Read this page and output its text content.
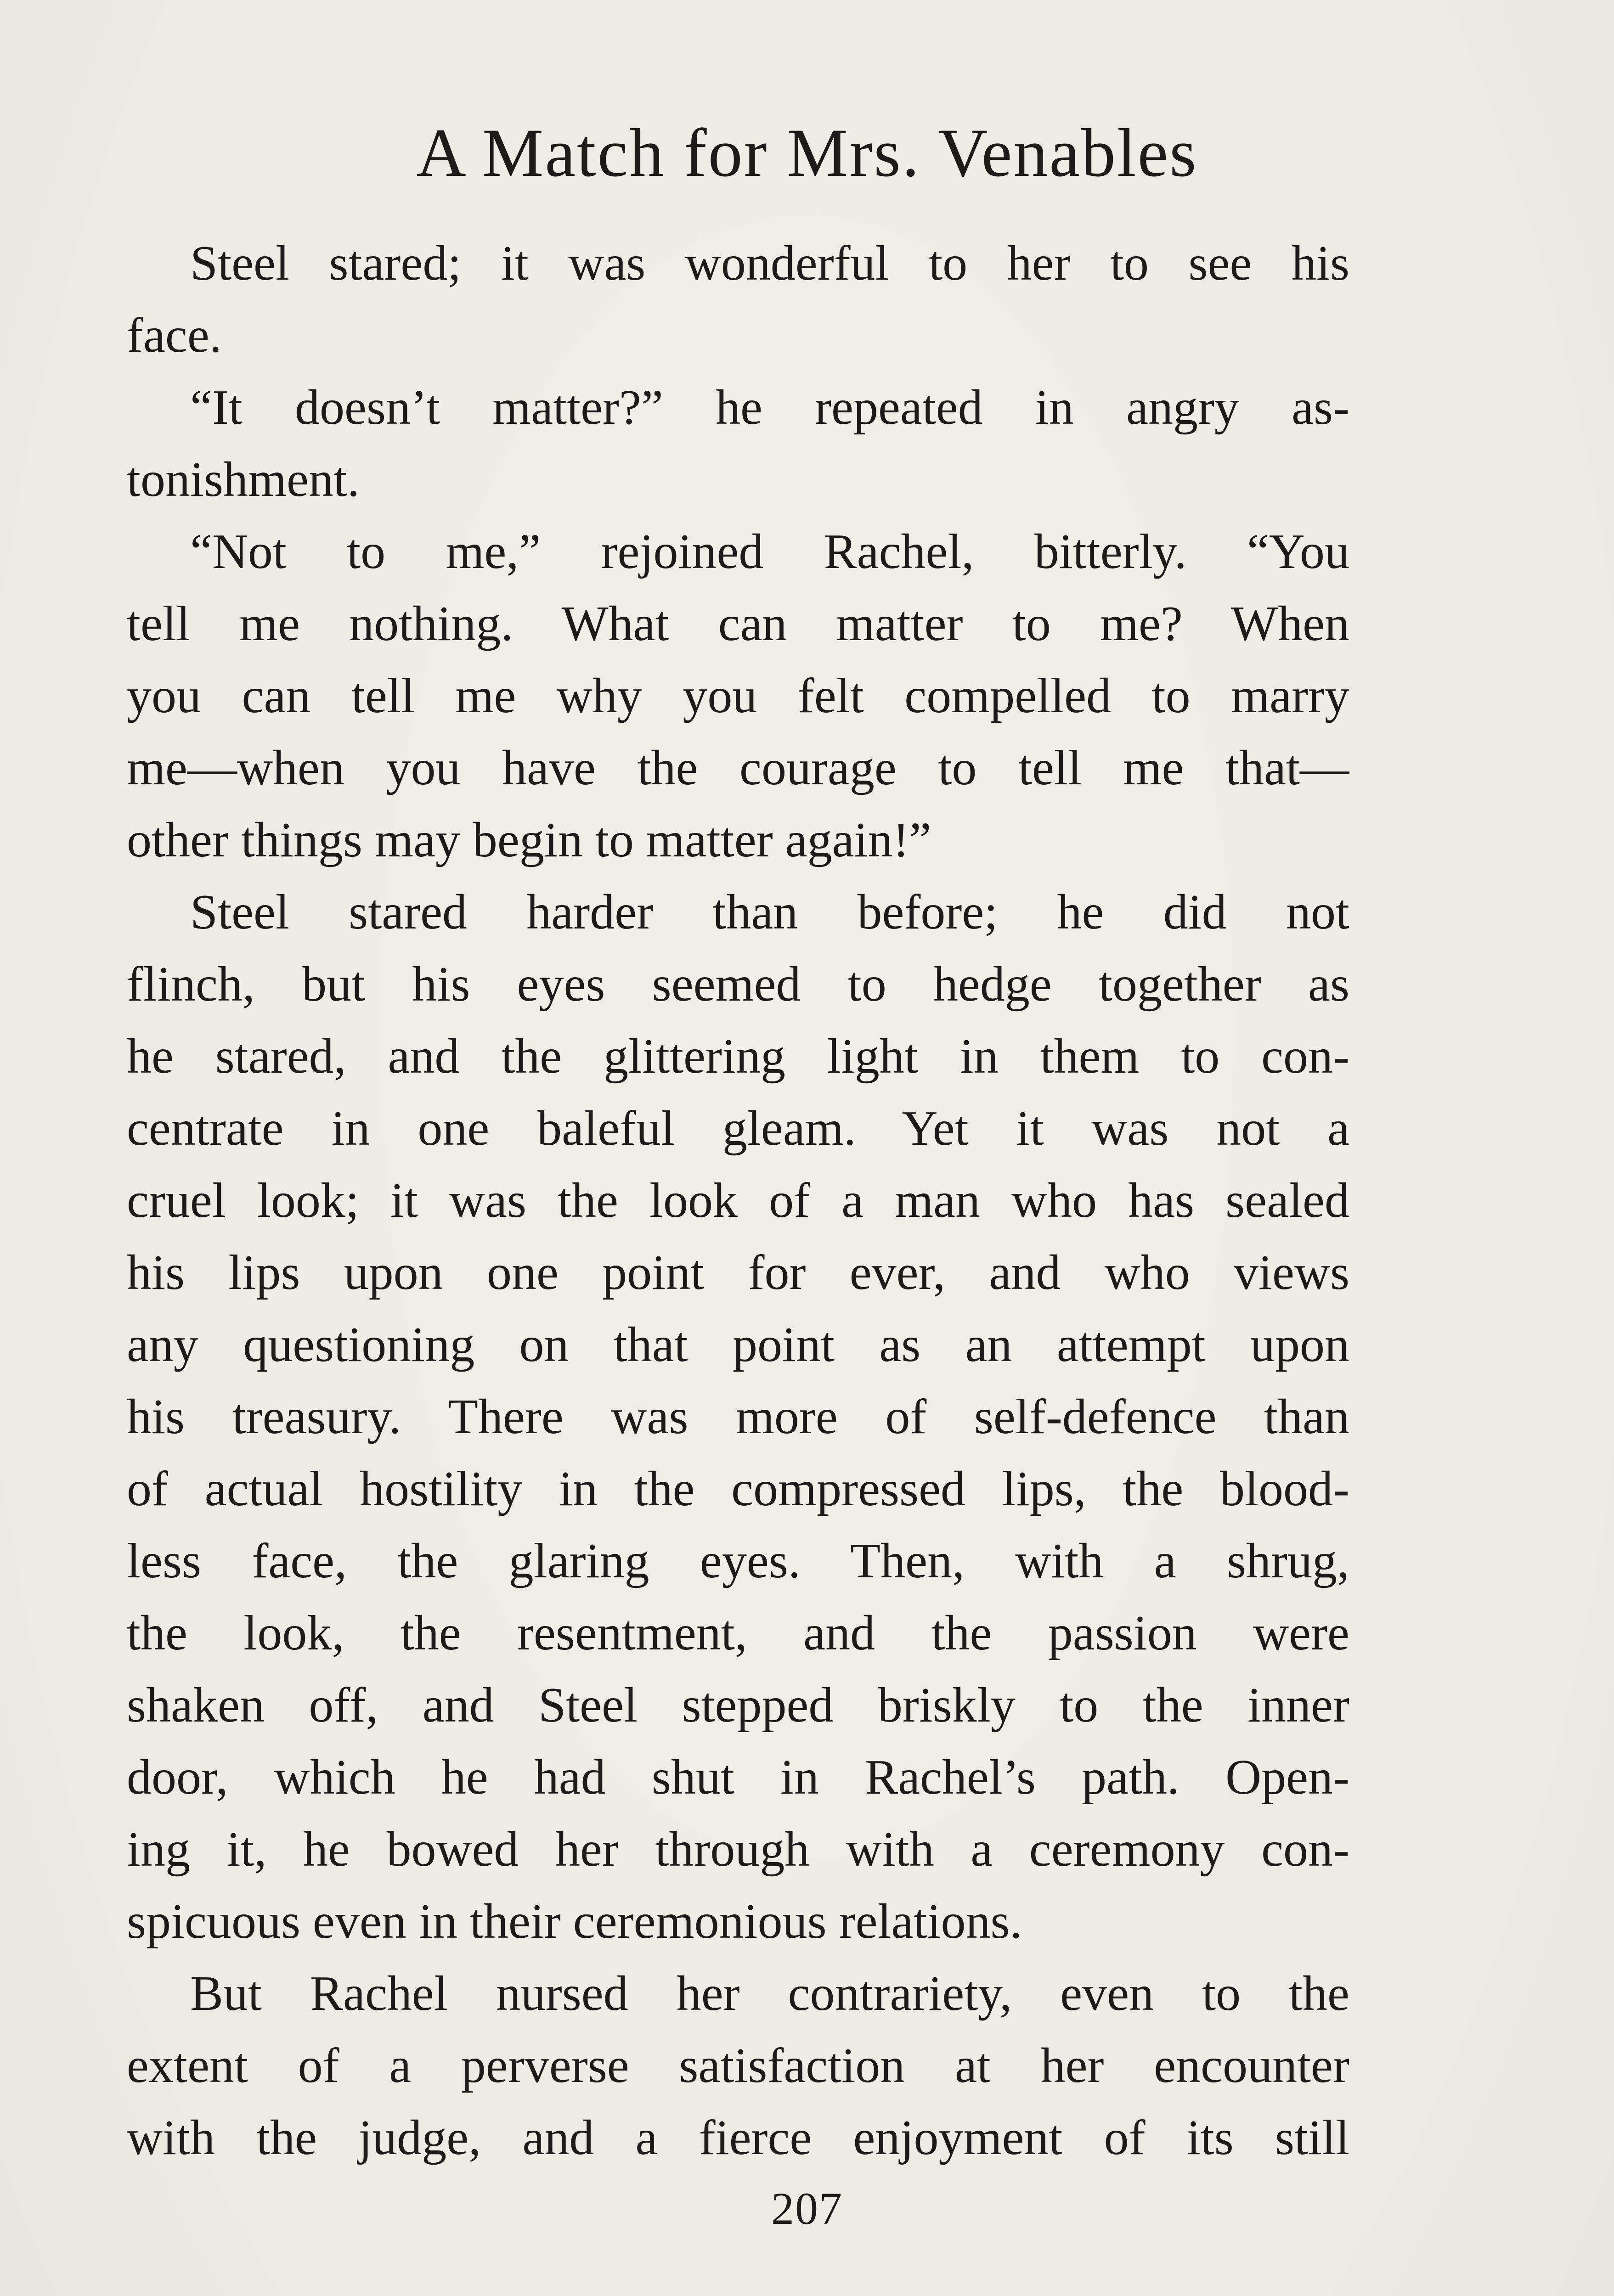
A Match for Mrs. Venables
Steel stared; it was wonderful to her to see his
face.
“It doesn’t matter?” he repeated in angry as-
tonishment.
“Not to me,” rejoined Rachel, bitterly. “You
tell me nothing. What can matter to me? When
you can tell me why you felt compelled to marry
me—when you have the courage to tell me that—
other things may begin to matter again!”
Steel stared harder than before; he did not
flinch, but his eyes seemed to hedge together as
he stared, and the glittering light in them to con-
centrate in one baleful gleam. Yet it was not a
cruel look; it was the look of a man who has sealed
his lips upon one point for ever, and who views
any questioning on that point as an attempt upon
his treasury. There was more of self-defence than
of actual hostility in the compressed lips, the blood-
less face, the glaring eyes. Then, with a shrug,
the look, the resentment, and the passion were
shaken off, and Steel stepped briskly to the inner
door, which he had shut in Rachel’s path. Open-
ing it, he bowed her through with a ceremony con-
spicuous even in their ceremonious relations.
But Rachel nursed her contrariety, even to the
extent of a perverse satisfaction at her encounter
with the judge, and a fierce enjoyment of its still
207
